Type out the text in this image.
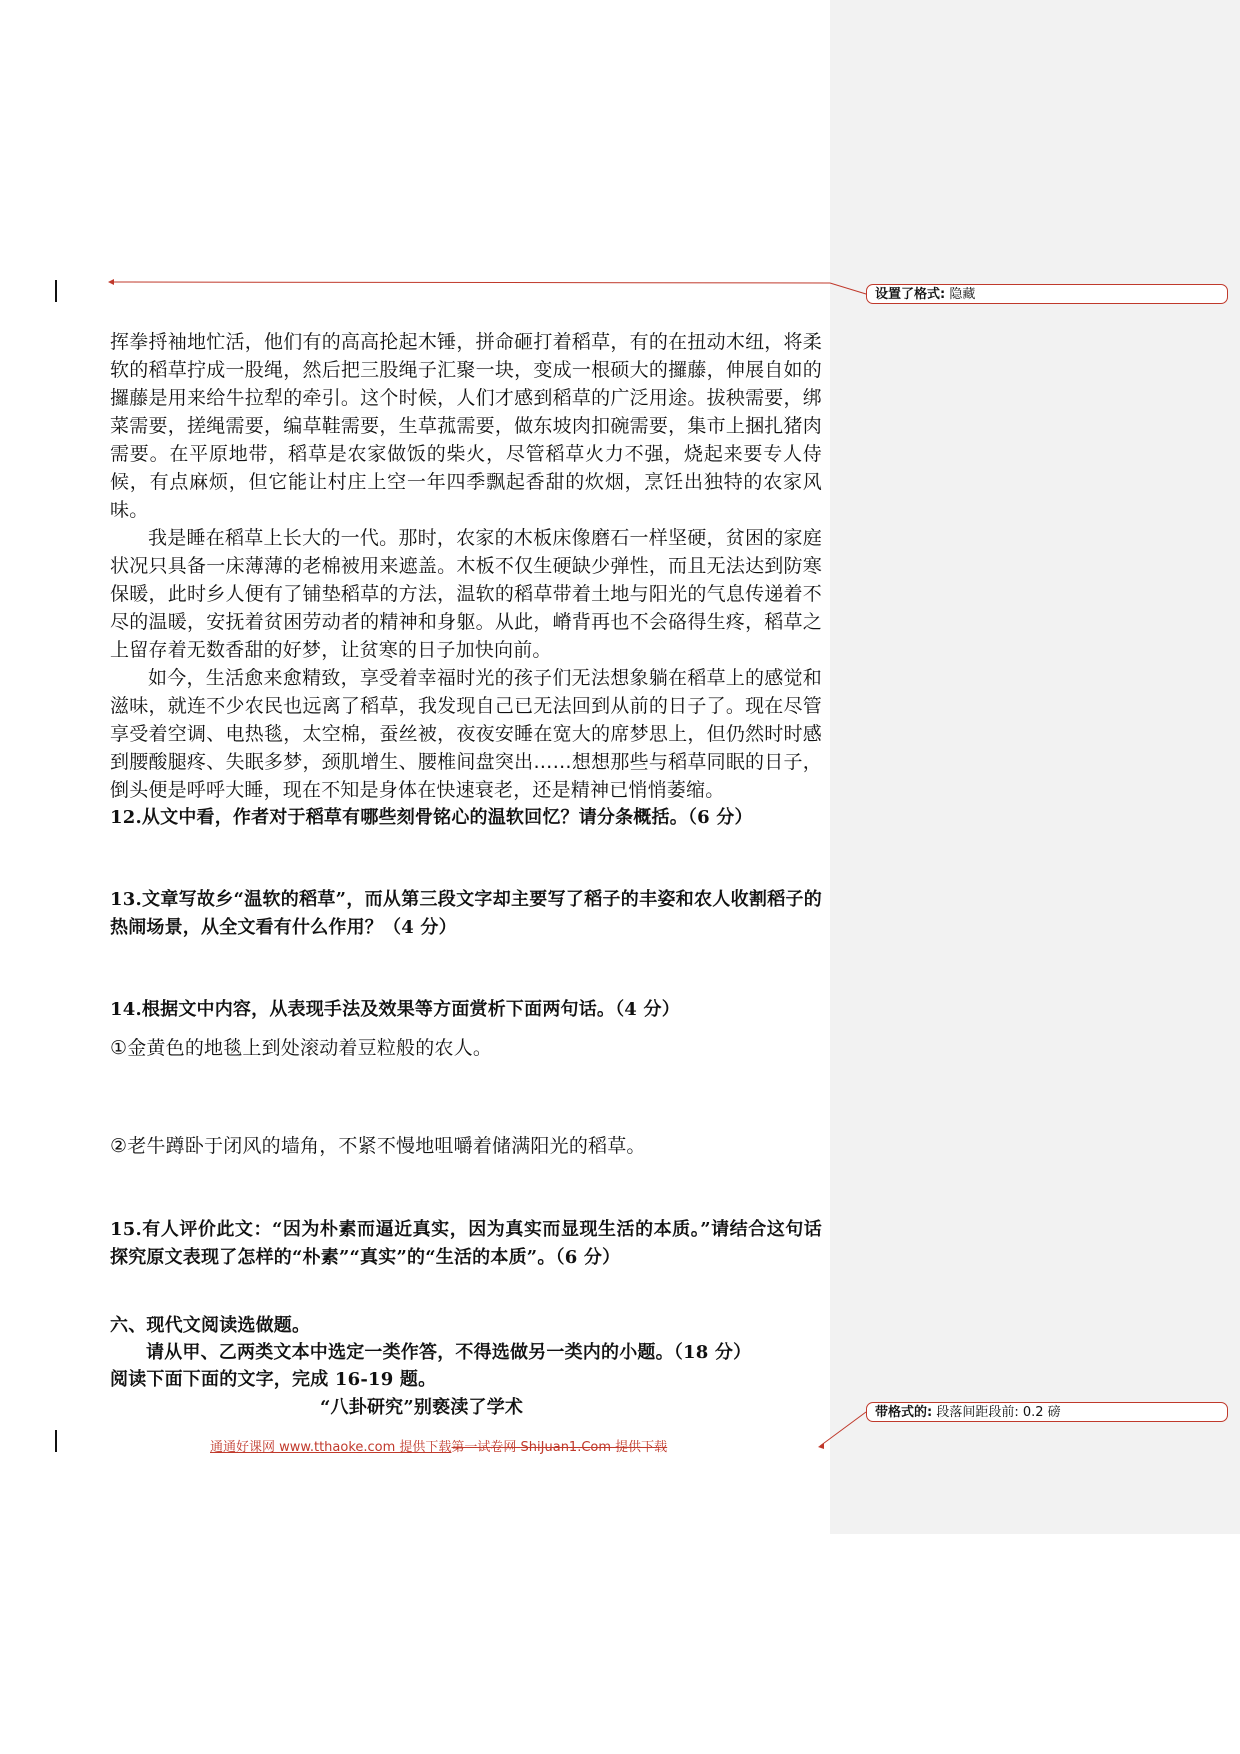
设置了格式: 隐藏
带格式的: 段落间距段前: 0.2 磅

挥拳捋袖地忙活，他们有的高高抡起木锤，拼命砸打着稻草，有的在扭动木纽，将柔软的稻草拧成一股绳，然后把三股绳子汇聚一块，变成一根硕大的攞藤，伸展自如的攞藤是用来给牛拉犁的牵引。这个时候，人们才感到稻草的广泛用途。拔秧需要，绑菜需要，搓绳需要，编草鞋需要，生草菰需要，做东坡肉扣碗需要，集市上捆扎猪肉需要。在平原地带，稻草是农家做饭的柴火，尽管稻草火力不强，烧起来要专人侍候，有点麻烦，但它能让村庄上空一年四季飘起香甜的炊烟，烹饪出独特的农家风味。

我是睡在稻草上长大的一代。那时，农家的木板床像磨石一样坚硬，贫困的家庭状况只具备一床薄薄的老棉被用来遮盖。木板不仅生硬缺少弹性，而且无法达到防寒保暖，此时乡人便有了铺垫稻草的方法，温软的稻草带着土地与阳光的气息传递着不尽的温暖，安抚着贫困劳动者的精神和身躯。从此，嵴背再也不会硌得生疼，稻草之上留存着无数香甜的好梦，让贫寒的日子加快向前。

如今，生活愈来愈精致，享受着幸福时光的孩子们无法想象躺在稻草上的感觉和滋味，就连不少农民也远离了稻草，我发现自己已无法回到从前的日子了。现在尽管享受着空调、电热毯，太空棉，蚕丝被，夜夜安睡在宽大的席梦思上，但仍然时时感到腰酸腿疼、失眠多梦，颈肌增生、腰椎间盘突出……想想那些与稻草同眠的日子，倒头便是呼呼大睡，现在不知是身体在快速衰老，还是精神已悄悄萎缩。

12.从文中看，作者对于稻草有哪些刻骨铭心的温软回忆？请分条概括。（6 分）

13.文章写故乡“温软的稻草”，而从第三段文字却主要写了稻子的丰姿和农人收割稻子的热闹场景，从全文看有什么作用？（4 分）

14.根据文中内容，从表现手法及效果等方面赏析下面两句话。（4 分）

①金黄色的地毯上到处滚动着豆粒般的农人。

②老牛蹲卧于闭风的墙角，不紧不慢地咀嚼着储满阳光的稻草。

15.有人评价此文：“因为朴素而逼近真实，因为真实而显现生活的本质。”请结合这句话探究原文表现了怎样的“朴素”“真实”的“生活的本质”。（6 分）

六、现代文阅读选做题。

请从甲、乙两类文本中选定一类作答，不得选做另一类内的小题。（18 分）

阅读下面下面的文字，完成 16-19 题。

“八卦研究”别亵渎了学术

通通好课网 www.tthaoke.com 提供下载第一试卷网 ShiJuan1.Com 提供下载
